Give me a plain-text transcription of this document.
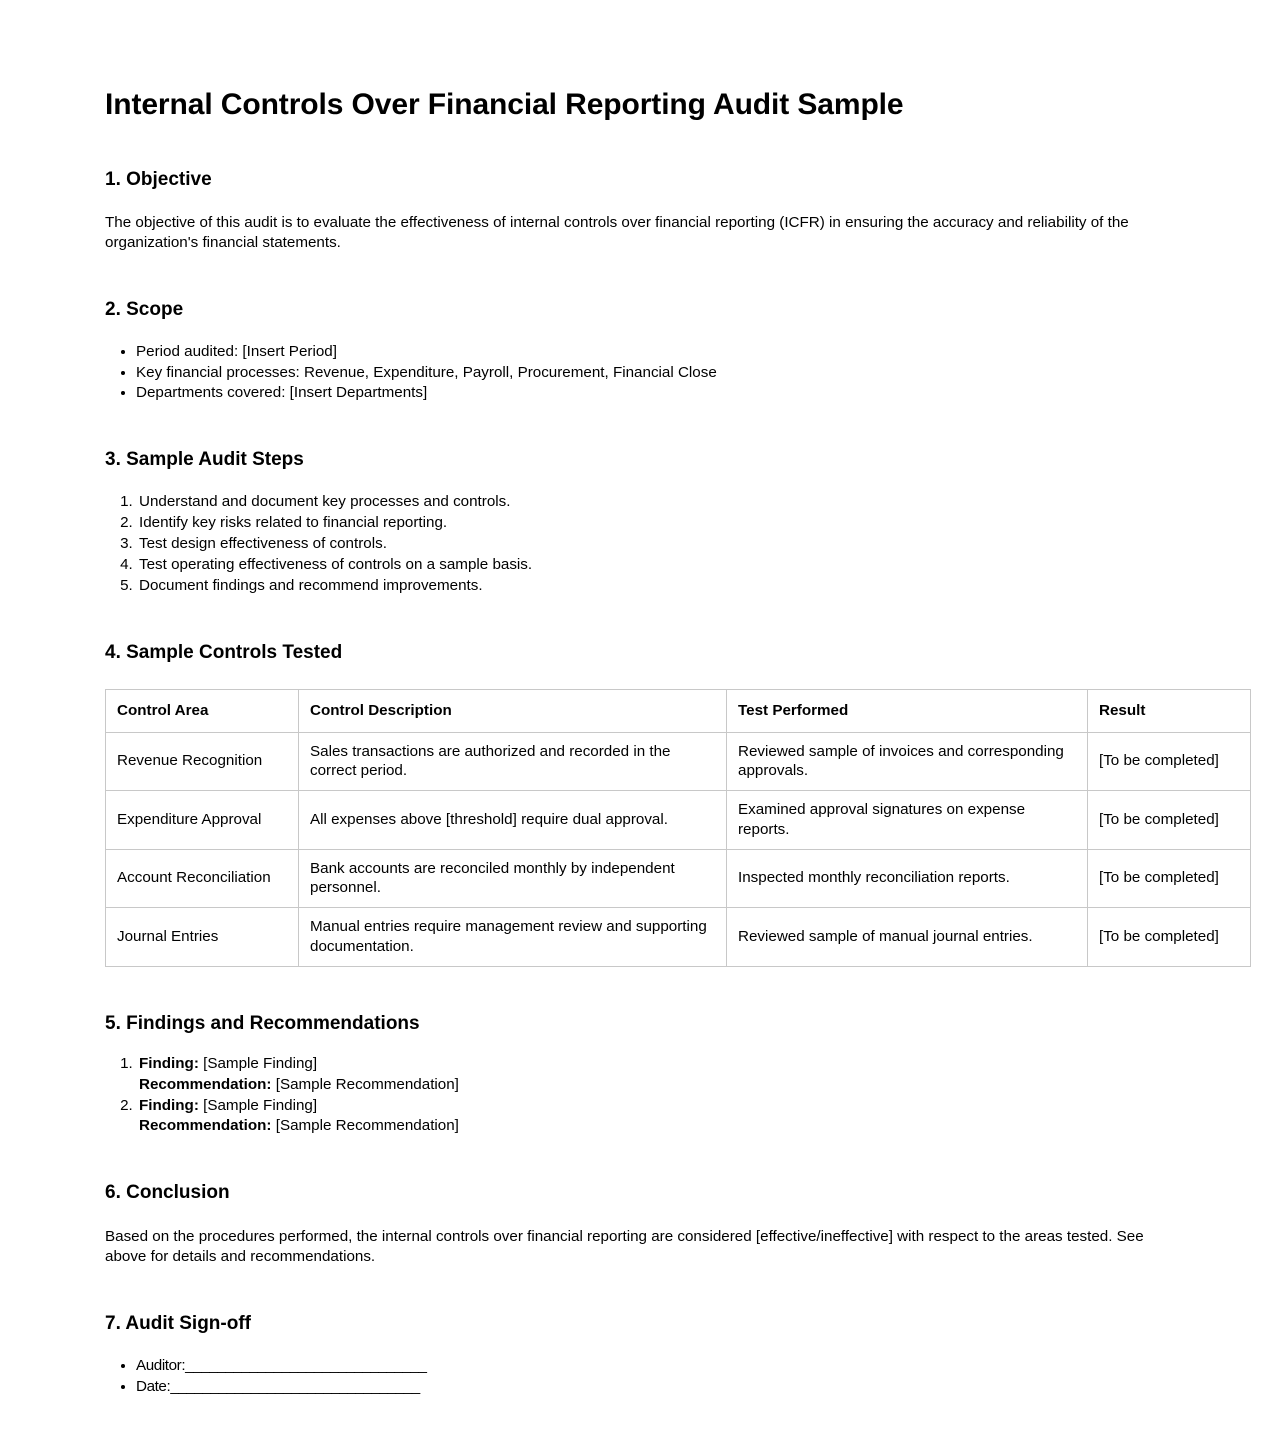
Internal Controls Over Financial Reporting Audit Sample
1. Objective

The objective of this audit is to evaluate the effectiveness of internal controls over financial reporting (ICFR) in ensuring the accuracy and reliability of the organization's financial statements.

2. Scope
• Period audited: [Insert Period]
• Key financial processes: Revenue, Expenditure, Payroll, Procurement, Financial Close
• Departments covered: [Insert Departments]
3. Sample Audit Steps
1. Understand and document key processes and controls.
2. Identify key risks related to financial reporting.
3. Test design effectiveness of controls.
4. Test operating effectiveness of controls on a sample basis.
5. Document findings and recommend improvements.
4. Sample Controls Tested
Control Area	Control Description	Test Performed	Result
Revenue Recognition	Sales transactions are authorized and recorded in the correct period.	Reviewed sample of invoices and corresponding approvals.	[To be completed]
Expenditure Approval	All expenses above [threshold] require dual approval.	Examined approval signatures on expense reports.	[To be completed]
Account Reconciliation	Bank accounts are reconciled monthly by independent personnel.	Inspected monthly reconciliation reports.	[To be completed]
Journal Entries	Manual entries require management review and supporting documentation.	Reviewed sample of manual journal entries.	[To be completed]
5. Findings and Recommendations
1. Finding: [Sample Finding]
Recommendation: [Sample Recommendation]
2. Finding: [Sample Finding]
Recommendation: [Sample Recommendation]
6. Conclusion

Based on the procedures performed, the internal controls over financial reporting are considered [effective/ineffective] with respect to the areas tested. See above for details and recommendations.

7. Audit Sign-off
• Auditor:______________________________
• Date:_______________________________
